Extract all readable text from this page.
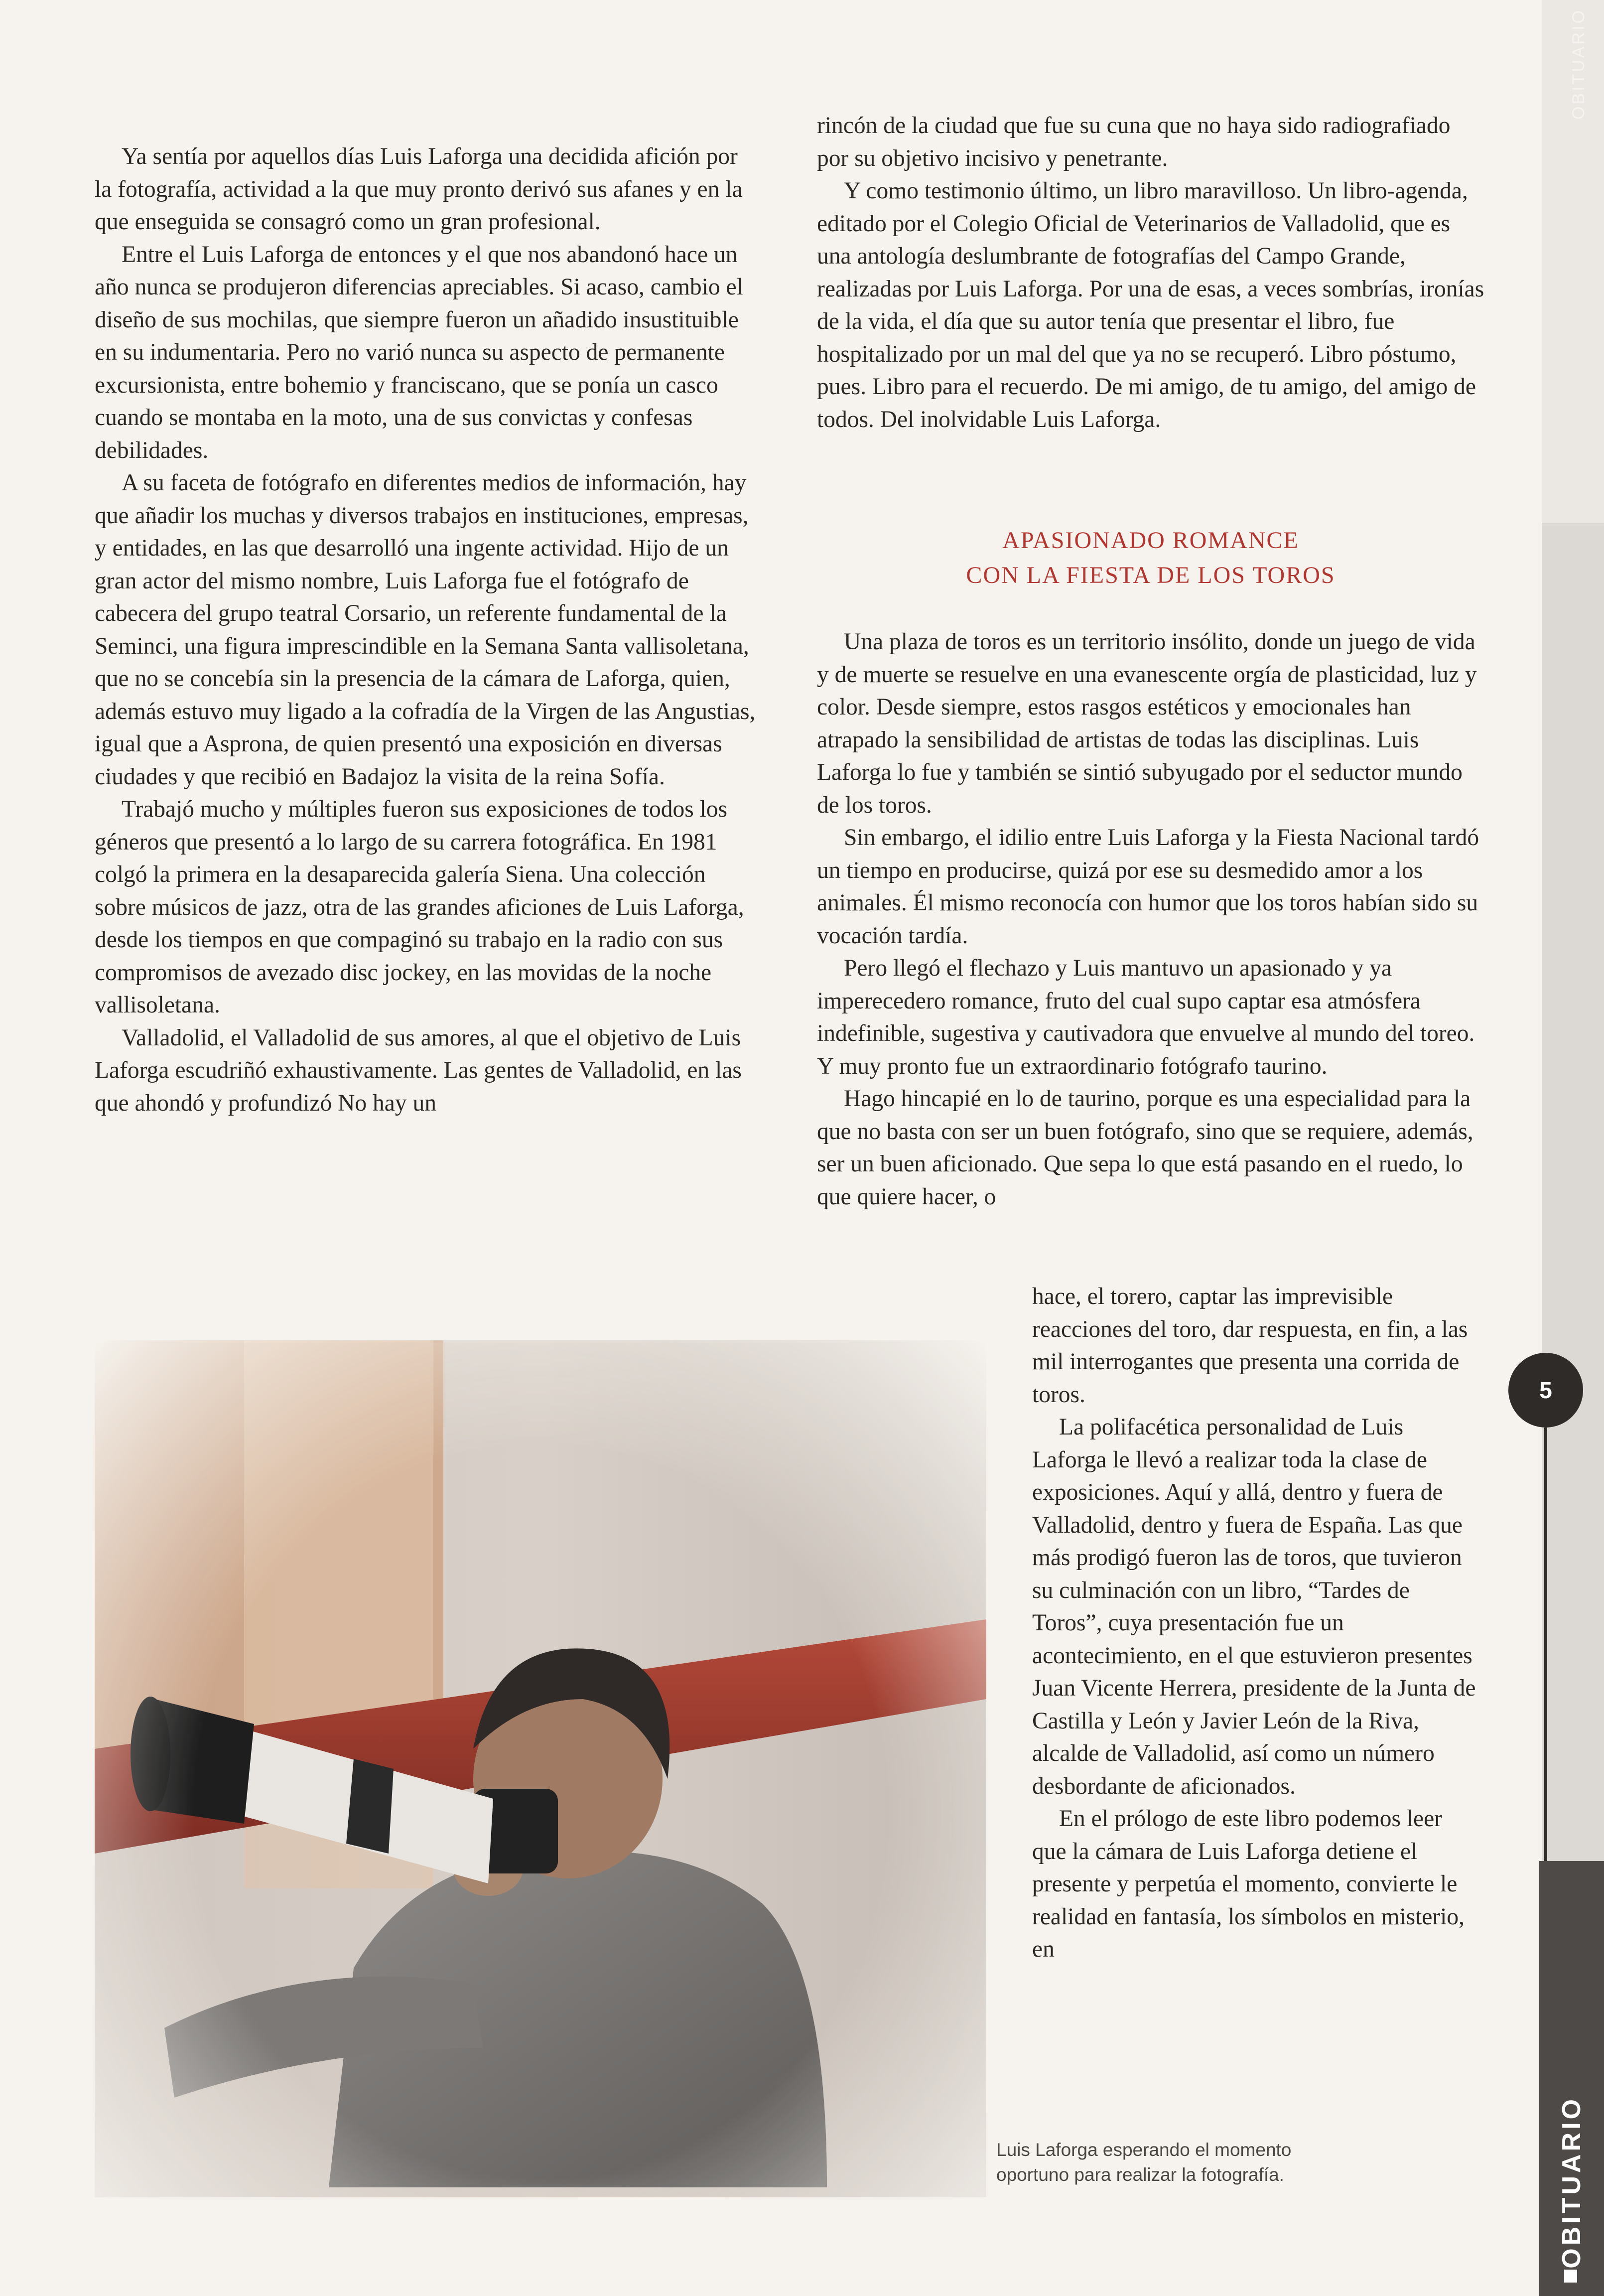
OBITUARIO
5
OBITUARIO

Ya sentía por aquellos días Luis Laforga una decidida afición por la fotografía, actividad a la que muy pronto derivó sus afanes y en la que enseguida se consagró como un gran profesional.

Entre el Luis Laforga de entonces y el que nos abandonó hace un año nunca se produjeron diferencias apreciables. Si acaso, cambio el diseño de sus mochilas, que siempre fueron un añadido insustituible en su indumentaria. Pero no varió nunca su aspecto de permanente excursionista, entre bohemio y franciscano, que se ponía un casco cuando se montaba en la moto, una de sus convictas y confesas debilidades.

A su faceta de fotógrafo en diferentes medios de información, hay que añadir los muchas y diversos trabajos en instituciones, empresas, y entidades, en las que desarrolló una ingente actividad. Hijo de un gran actor del mismo nombre, Luis Laforga fue el fotógrafo de cabecera del grupo teatral Corsario, un referente fundamental de la Seminci, una figura imprescindible en la Semana Santa vallisoletana, que no se concebía sin la presencia de la cámara de Laforga, quien, además estuvo muy ligado a la cofradía de la Virgen de las Angustias, igual que a Asprona, de quien presentó una exposición en diversas ciudades y que recibió en Badajoz la visita de la reina Sofía.

Trabajó mucho y múltiples fueron sus exposiciones de todos los géneros que presentó a lo largo de su carrera fotográfica. En 1981 colgó la primera en la desaparecida galería Siena. Una colección sobre músicos de jazz, otra de las grandes aficiones de Luis Laforga, desde los tiempos en que compaginó su trabajo en la radio con sus compromisos de avezado disc jockey, en las movidas de la noche vallisoletana.

Valladolid, el Valladolid de sus amores, al que el objetivo de Luis Laforga escudriñó exhaustivamente. Las gentes de Valladolid, en las que ahondó y profundizó No hay un

rincón de la ciudad que fue su cuna que no haya sido radiografiado por su objetivo incisivo y penetrante.

Y como testimonio último, un libro maravilloso. Un libro-agenda, editado por el Colegio Oficial de Veterinarios de Valladolid, que es una antología deslumbrante de fotografías del Campo Grande, realizadas por Luis Laforga. Por una de esas, a veces sombrías, ironías de la vida, el día que su autor tenía que presentar el libro, fue hospitalizado por un mal del que ya no se recuperó. Libro póstumo, pues. Libro para el recuerdo. De mi amigo, de tu amigo, del amigo de todos. Del inolvidable Luis Laforga.

APASIONADO ROMANCE
CON LA FIESTA DE LOS TOROS

Una plaza de toros es un territorio insólito, donde un juego de vida y de muerte se resuelve en una evanescente orgía de plasticidad, luz y color. Desde siempre, estos rasgos estéticos y emocionales han atrapado la sensibilidad de artistas de todas las disciplinas. Luis Laforga lo fue y también se sintió subyugado por el seductor mundo de los toros.

Sin embargo, el idilio entre Luis Laforga y la Fiesta Nacional tardó un tiempo en producirse, quizá por ese su desmedido amor a los animales. Él mismo reconocía con humor que los toros habían sido su vocación tardía.

Pero llegó el flechazo y Luis mantuvo un apasionado y ya imperecedero romance, fruto del cual supo captar esa atmósfera indefinible, sugestiva y cautivadora que envuelve al mundo del toreo. Y muy pronto fue un extraordinario fotógrafo taurino.

Hago hincapié en lo de taurino, porque es una especialidad para la que no basta con ser un buen fotógrafo, sino que se requiere, además, ser un buen aficionado. Que sepa lo que está pasando en el ruedo, lo que quiere hacer, o

hace, el torero, captar las imprevisible reacciones del toro, dar respuesta, en fin, a las mil interrogantes que presenta una corrida de toros.

La polifacética personalidad de Luis Laforga le llevó a realizar toda la clase de exposiciones. Aquí y allá, dentro y fuera de Valladolid, dentro y fuera de España. Las que más prodigó fueron las de toros, que tuvieron su culminación con un libro, “Tardes de Toros”, cuya presentación fue un acontecimiento, en el que estuvieron presentes Juan Vicente Herrera, presidente de la Junta de Castilla y León y Javier León de la Riva, alcalde de Valladolid, así como un número desbordante de aficionados.

En el prólogo de este libro podemos leer que la cámara de Luis Laforga detiene el presente y perpetúa el momento, convierte le realidad en fantasía, los símbolos en misterio, en

Luis Laforga esperando el momento
oportuno para realizar la fotografía.
